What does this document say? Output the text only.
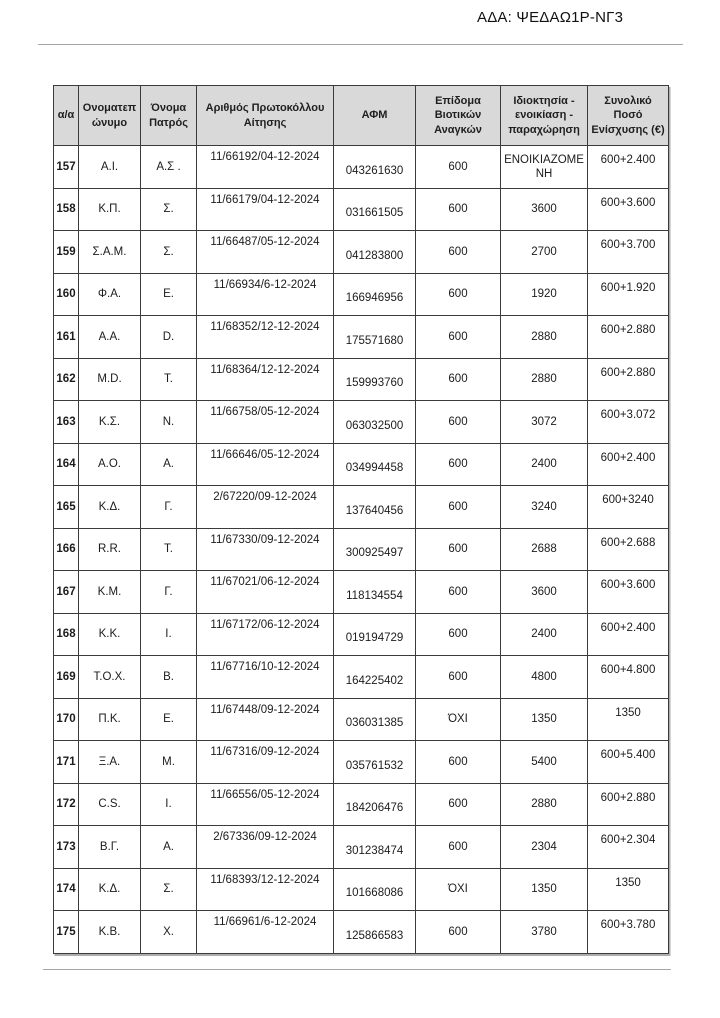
ΑΔΑ: ΨΕΔΑΩ1Ρ-ΝΓ3
α/α	Ονοματεπώνυμο	Όνομα Πατρός	Αριθμός Πρωτοκόλλου Αίτησης	ΑΦΜ	Επίδομα Βιοτικών Αναγκών	Ιδιοκτησία - ενοικίαση - παραχώρηση	Συνολικό Ποσό Ενίσχυσης (€)
157	Α.Ι.	Α.Σ .	11/66192/04-12-2024	043261630	600	ΕΝΟΙΚΙΑΖΟΜΕΝΗ	600+2.400
158	Κ.Π.	Σ.	11/66179/04-12-2024	031661505	600	3600	600+3.600
159	Σ.Α.Μ.	Σ.	11/66487/05-12-2024	041283800	600	2700	600+3.700
160	Φ.Α.	Ε.	11/66934/6-12-2024	166946956	600	1920	600+1.920
161	Α.Α.	D.	11/68352/12-12-2024	175571680	600	2880	600+2.880
162	M.D.	T.	11/68364/12-12-2024	159993760	600	2880	600+2.880
163	Κ.Σ.	Ν.	11/66758/05-12-2024	063032500	600	3072	600+3.072
164	Α.Ο.	Α.	11/66646/05-12-2024	034994458	600	2400	600+2.400
165	Κ.Δ.	Γ.	2/67220/09-12-2024	137640456	600	3240	600+3240
166	R.R.	T.	11/67330/09-12-2024	300925497	600	2688	600+2.688
167	Κ.Μ.	Γ.	11/67021/06-12-2024	118134554	600	3600	600+3.600
168	Κ.Κ.	Ι.	11/67172/06-12-2024	019194729	600	2400	600+2.400
169	Τ.Ο.Χ.	Β.	11/67716/10-12-2024	164225402	600	4800	600+4.800
170	Π.Κ.	Ε.	11/67448/09-12-2024	036031385	ΌΧΙ	1350	1350
171	Ξ.Α.	Μ.	11/67316/09-12-2024	035761532	600	5400	600+5.400
172	C.S.	Ι.	11/66556/05-12-2024	184206476	600	2880	600+2.880
173	Β.Γ.	Α.	2/67336/09-12-2024	301238474	600	2304	600+2.304
174	Κ.Δ.	Σ.	11/68393/12-12-2024	101668086	ΌΧΙ	1350	1350
175	Κ.Β.	Χ.	11/66961/6-12-2024	125866583	600	3780	600+3.780
